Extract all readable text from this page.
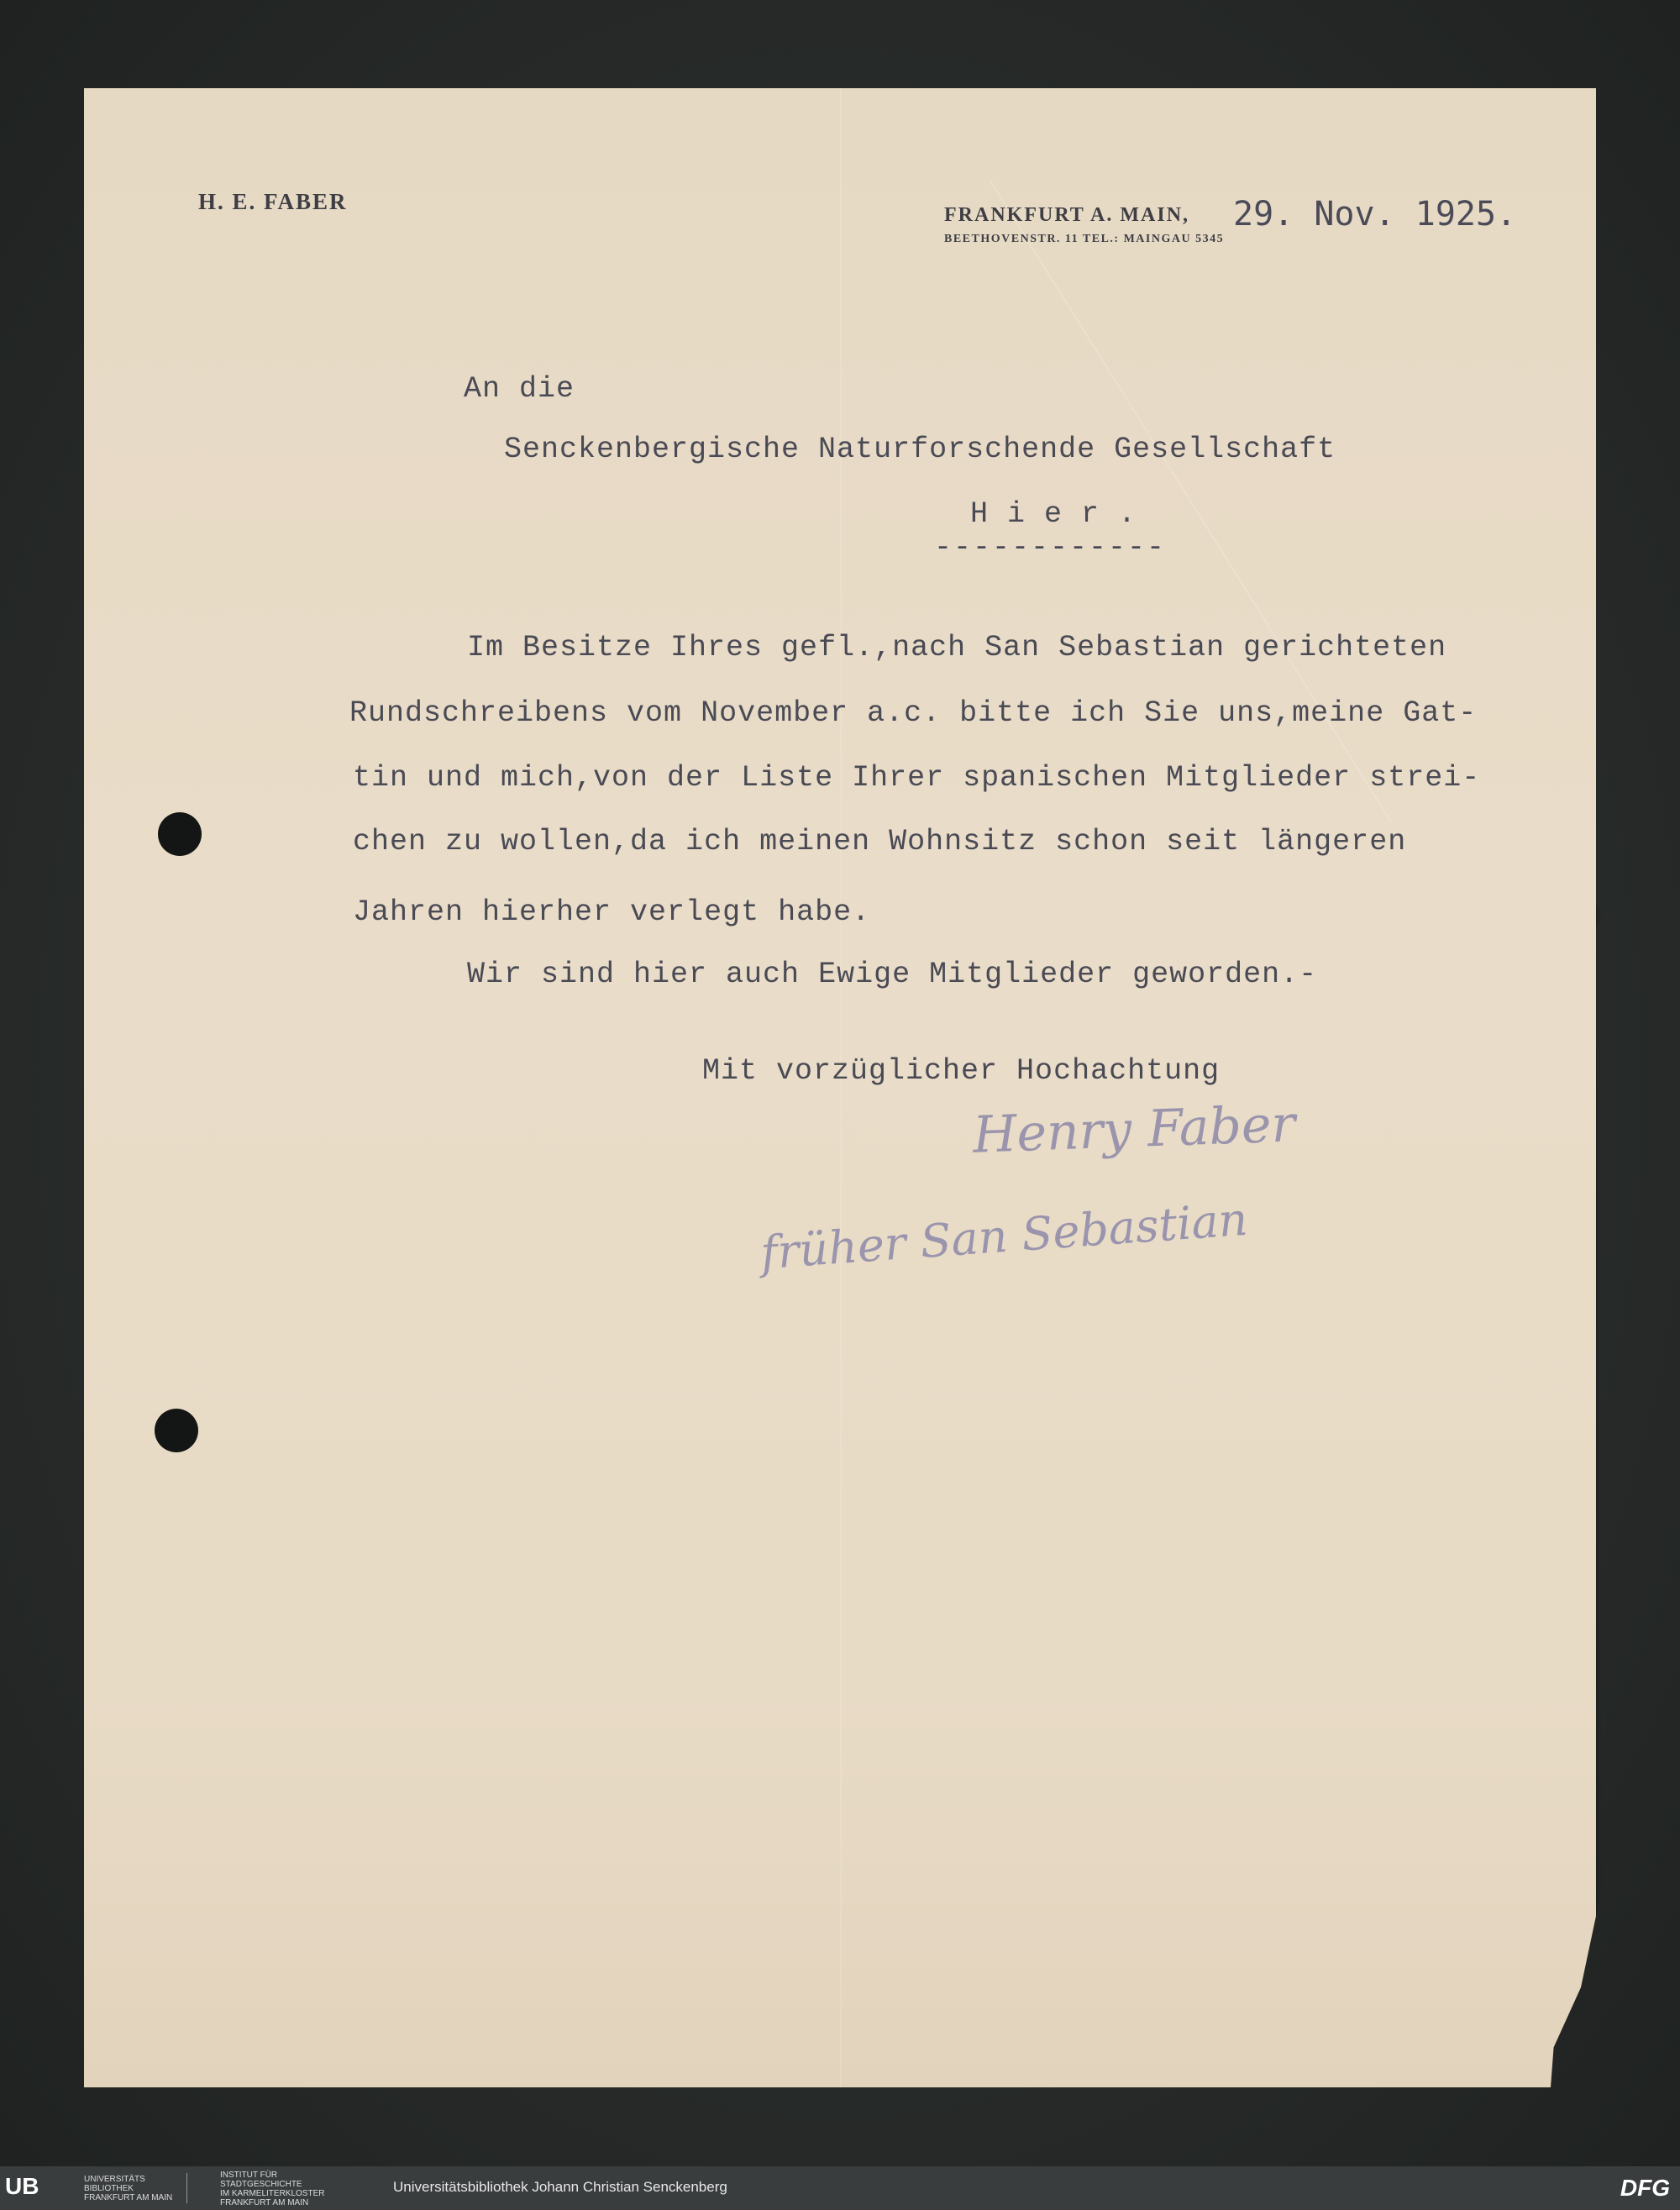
H. E. FABER
FRANKFURT A. MAIN, 29. Nov. 1925.
BEETHOVENSTR. 11 TEL.: MAINGAU 5345
An die
Senckenbergische Naturforschende Gesellschaft
H i e r .
------------
Im Besitze Ihres gefl.,nach San Sebastian gerichteten
Rundschreibens vom November a.c. bitte ich Sie uns,meine Gat-
tin und mich,von der Liste Ihrer spanischen Mitglieder strei-
chen zu wollen,da ich meinen Wohnsitz schon seit längeren
Jahren hierher verlegt habe.
Wir sind hier auch Ewige Mitglieder geworden.-
Mit vorzüglicher Hochachtung
Henry Faber
früher San Sebastian
UB	UNIVERSITÄTS
BIBLIOTHEK
FRANKFURT AM MAIN
INSTITUT FÜR
STADTGESCHICHTE
IM KARMELITERKLOSTER
FRANKFURT AM MAIN
Universitätsbibliothek Johann Christian Senckenberg	DFG
